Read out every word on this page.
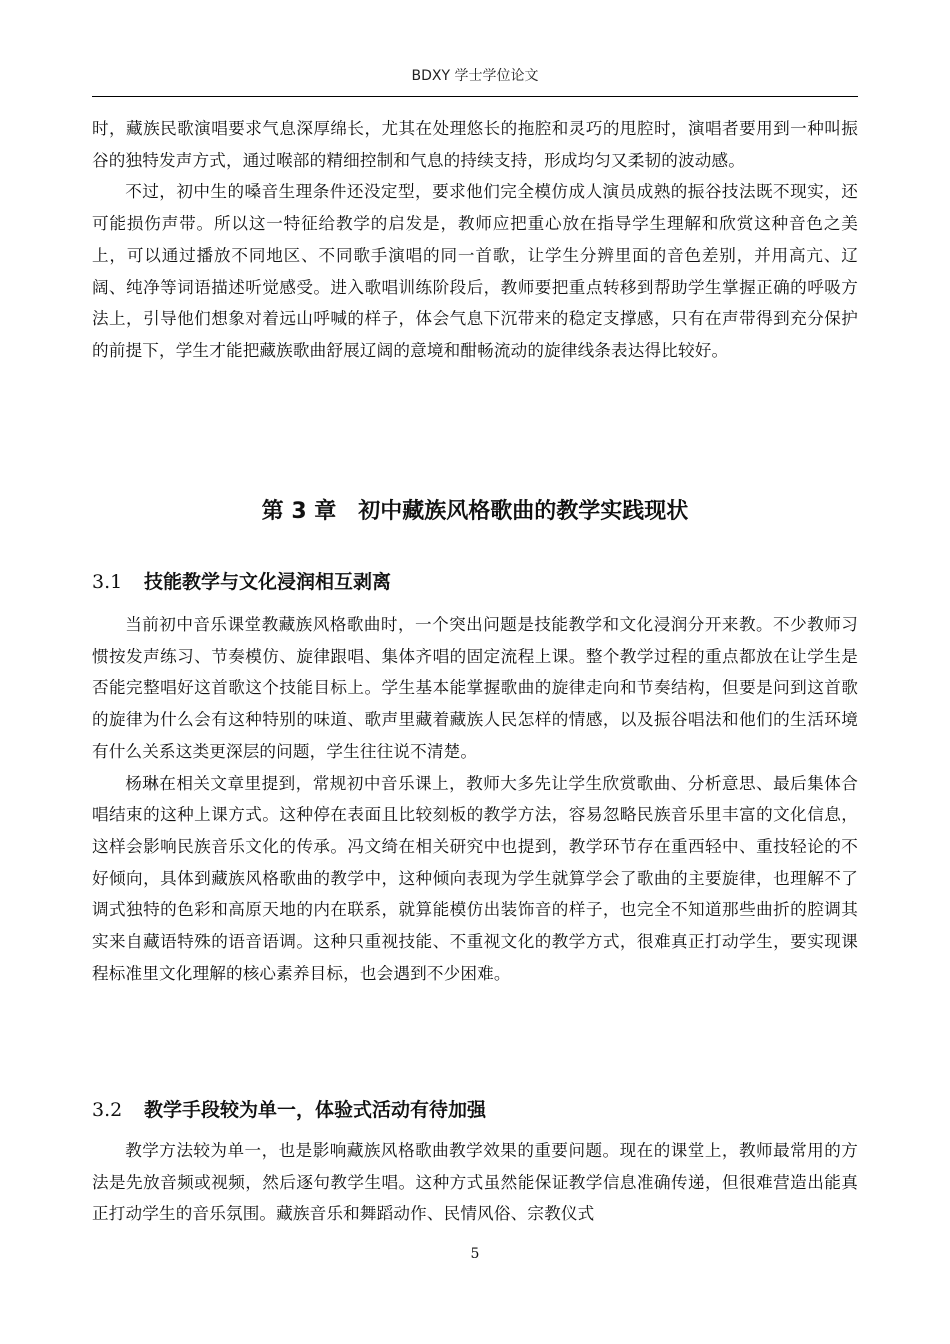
BDXY 学士学位论文

时，藏族民歌演唱要求气息深厚绵长，尤其在处理悠长的拖腔和灵巧的甩腔时，演唱者要用到一种叫振谷的独特发声方式，通过喉部的精细控制和气息的持续支持，形成均匀又柔韧的波动感。

不过，初中生的嗓音生理条件还没定型，要求他们完全模仿成人演员成熟的振谷技法既不现实，还可能损伤声带。所以这一特征给教学的启发是，教师应把重心放在指导学生理解和欣赏这种音色之美上，可以通过播放不同地区、不同歌手演唱的同一首歌，让学生分辨里面的音色差别，并用高亢、辽阔、纯净等词语描述听觉感受。进入歌唱训练阶段后，教师要把重点转移到帮助学生掌握正确的呼吸方法上，引导他们想象对着远山呼喊的样子，体会气息下沉带来的稳定支撑感，只有在声带得到充分保护的前提下，学生才能把藏族歌曲舒展辽阔的意境和酣畅流动的旋律线条表达得比较好。

第 3 章　初中藏族风格歌曲的教学实践现状
3.1 技能教学与文化浸润相互剥离

当前初中音乐课堂教藏族风格歌曲时，一个突出问题是技能教学和文化浸润分开来教。不少教师习惯按发声练习、节奏模仿、旋律跟唱、集体齐唱的固定流程上课。整个教学过程的重点都放在让学生是否能完整唱好这首歌这个技能目标上。学生基本能掌握歌曲的旋律走向和节奏结构，但要是问到这首歌的旋律为什么会有这种特别的味道、歌声里藏着藏族人民怎样的情感，以及振谷唱法和他们的生活环境有什么关系这类更深层的问题，学生往往说不清楚。

杨琳在相关文章里提到，常规初中音乐课上，教师大多先让学生欣赏歌曲、分析意思、最后集体合唱结束的这种上课方式。这种停在表面且比较刻板的教学方法，容易忽略民族音乐里丰富的文化信息，这样会影响民族音乐文化的传承。冯文绮在相关研究中也提到，教学环节存在重西轻中、重技轻论的不好倾向，具体到藏族风格歌曲的教学中，这种倾向表现为学生就算学会了歌曲的主要旋律，也理解不了调式独特的色彩和高原天地的内在联系，就算能模仿出装饰音的样子，也完全不知道那些曲折的腔调其实来自藏语特殊的语音语调。这种只重视技能、不重视文化的教学方式，很难真正打动学生，要实现课程标准里文化理解的核心素养目标，也会遇到不少困难。

3.2 教学手段较为单一，体验式活动有待加强

教学方法较为单一，也是影响藏族风格歌曲教学效果的重要问题。现在的课堂上，教师最常用的方法是先放音频或视频，然后逐句教学生唱。这种方式虽然能保证教学信息准确传递，但很难营造出能真正打动学生的音乐氛围。藏族音乐和舞蹈动作、民情风俗、宗教仪式

5
